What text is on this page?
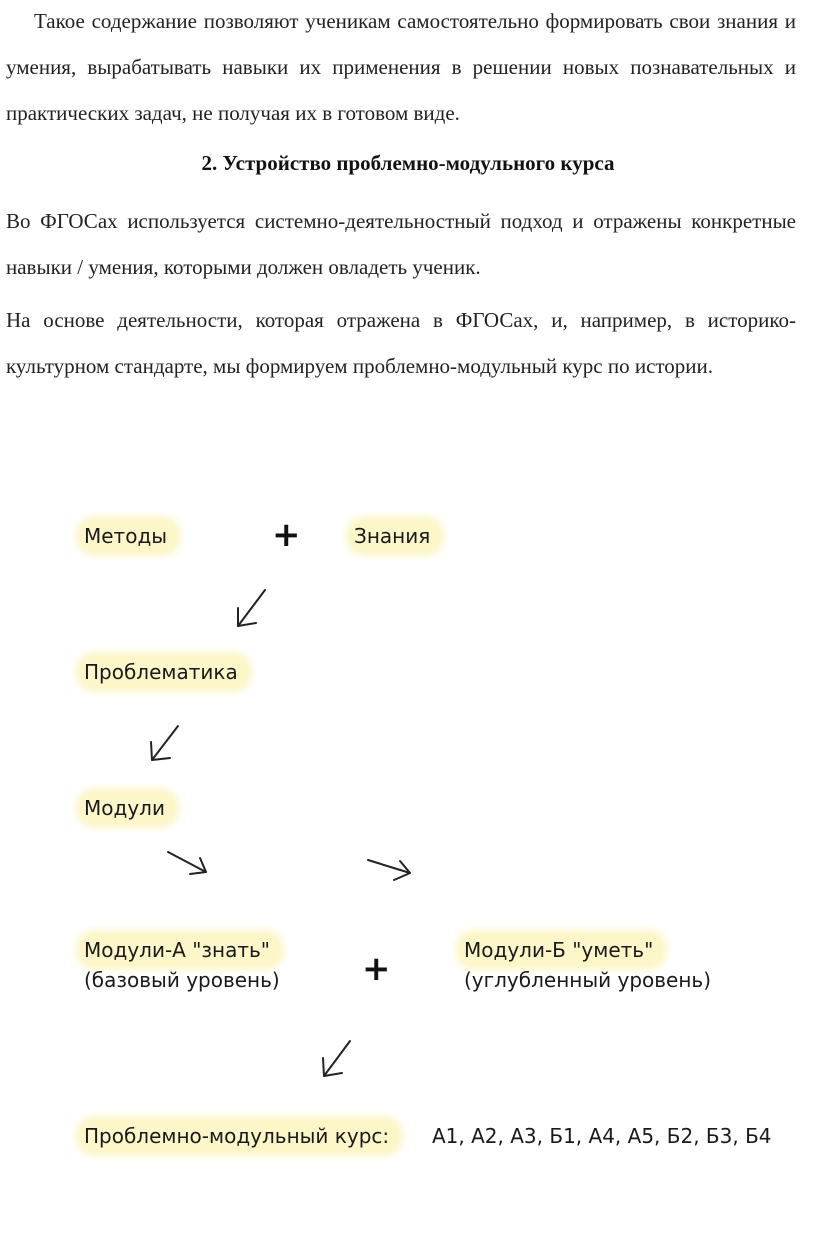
Такое содержание позволяют ученикам самостоятельно формировать свои знания и умения, вырабатывать навыки их применения в решении новых познавательных и практических задач, не получая их в готовом виде.
2. Устройство проблемно-модульного курса
Во ФГОСах используется системно-деятельностный подход и отражены конкретные навыки / умения, которыми должен овладеть ученик.
На основе деятельности, которая отражена в ФГОСах, и, например, в историко-культурном стандарте, мы формируем проблемно-модульный курс по истории.
Методы	+	Знания
Проблематика
Модули
Модули-А "знать"
(базовый уровень) +	Модули-Б "уметь"
(углубленный уровень)
Проблемно-модульный курс:	А1, А2, А3, Б1, А4, А5, Б2, Б3, Б4
